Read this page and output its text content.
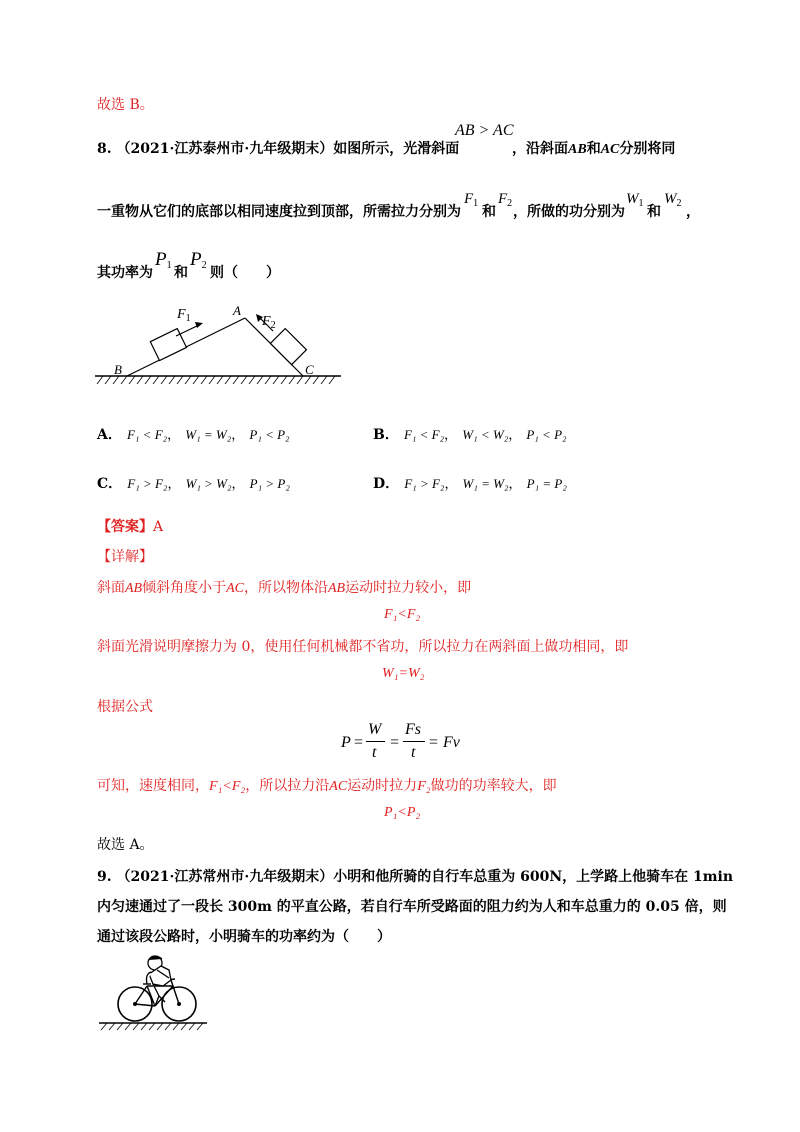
故选 B。
8. （2021·江苏泰州市·九年级期末）如图所示，光滑斜面
AB > AC
，沿斜面AB和AC分别将同
一重物从它们的底部以相同速度拉到顶部，所需拉力分别为
$F_1$
和
$F_2$
，所做的功分别为
$W_1$
和
$W_2$
，
其功率为
$P_1$ 和
$P_2$ 则（　　）
$F_1$	$F_2$
A
B	C
A． F₁ < F₂， W₁ = W₂， P₁ < P₂	B． F₁ < F₂， W₁ < W₂， P₁ < P₂
C． F₁ > F₂， W₁ > W₂， P₁ > P₂	D． F₁ > F₂， W₁ = W₂， P₁ = P₂
【答案】A
【详解】
斜面AB倾斜角度小于AC，所以物体沿AB运动时拉力较小，即
F₁<F₂
斜面光滑说明摩擦力为 0，使用任何机械都不省功，所以拉力在两斜面上做功相同，即
W₁=W₂
根据公式
P =
W
t
=
Fs
t
= Fv
可知，速度相同，F₁<F₂，所以拉力沿AC运动时拉力F₂做功的功率较大，即
P₁<P₂
故选 A。
9. （2021·江苏常州市·九年级期末）小明和他所骑的自行车总重为 600N，上学路上他骑车在 1min
内匀速通过了一段长 300m 的平直公路，若自行车所受路面的阻力约为人和车总重力的 0.05 倍，则
通过该段公路时，小明骑车的功率约为（　　）
